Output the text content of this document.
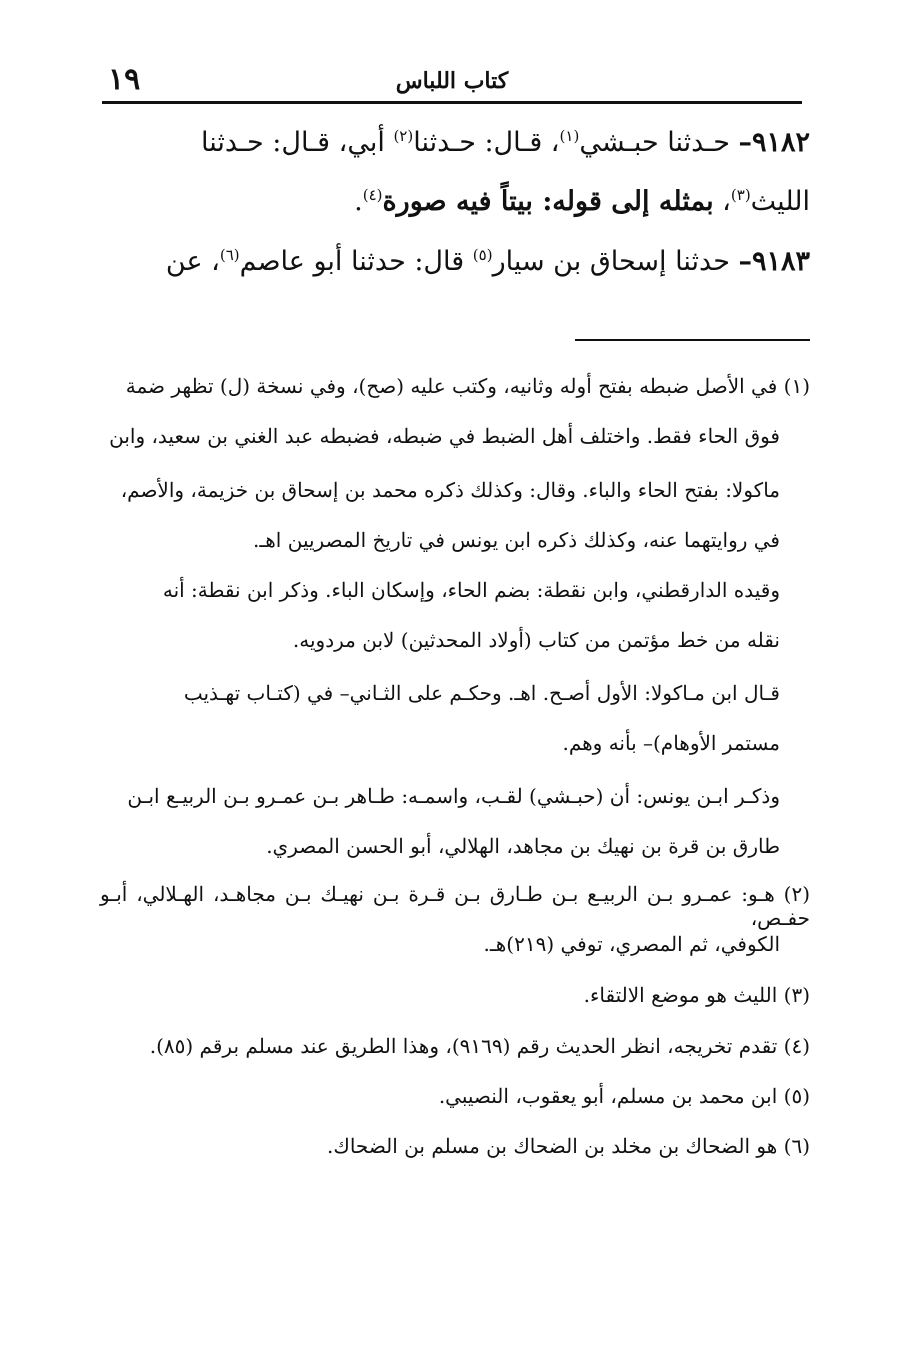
كتاب اللباس
١٩
٩١٨٢– حـدثنا حبـشي$^{(١)}$، قـال: حـدثنا$^{(٢)}$ أبي، قـال: حـدثنا
الليث$^{(٣)}$، بمثله إلى قوله: بيتاً فيه صورة$^{(٤)}$.
٩١٨٣– حدثنا إسحاق بن سيار$^{(٥)}$ قال: حدثنا أبو عاصم$^{(٦)}$، عن
(١) في الأصل ضبطه بفتح أوله وثانيه، وكتب عليه (صح)، وفي نسخة (ل) تظهر ضمة
فوق الحاء فقط. واختلف أهل الضبط في ضبطه، فضبطه عبد الغني بن سعيد، وابن
ماكولا: بفتح الحاء والباء. وقال: وكذلك ذكره محمد بن إسحاق بن خزيمة، والأصم،
في روايتهما عنه، وكذلك ذكره ابن يونس في تاريخ المصريين اهـ.
وقيده الدارقطني، وابن نقطة: بضم الحاء، وإسكان الباء. وذكر ابن نقطة: أنه
نقله من خط مؤتمن من كتاب (أولاد المحدثين) لابن مردويه.
قـال ابن مـاكولا: الأول أصـح. اهـ. وحكـم على الثـاني– في (كتـاب تهـذيب
مستمر الأوهام)– بأنه وهم.
وذكـر ابـن يونس: أن (حبـشي) لقـب، واسمـه: طـاهر بـن عمـرو بـن الربيـع ابـن
طارق بن قرة بن نهيك بن مجاهد، الهلالي، أبو الحسن المصري.
(٢) هـو: عمـرو بـن الربيـع بـن طـارق بـن قـرة بـن نهيـك بـن مجاهـد، الهـلالي، أبـو حفـص،
الكوفي، ثم المصري، توفي (٢١٩)هـ.
(٣) الليث هو موضع الالتقاء.
(٤) تقدم تخريجه، انظر الحديث رقم (٩١٦٩)، وهذا الطريق عند مسلم برقم (٨٥).
(٥) ابن محمد بن مسلم، أبو يعقوب، النصيبي.
(٦) هو الضحاك بن مخلد بن الضحاك بن مسلم بن الضحاك.
